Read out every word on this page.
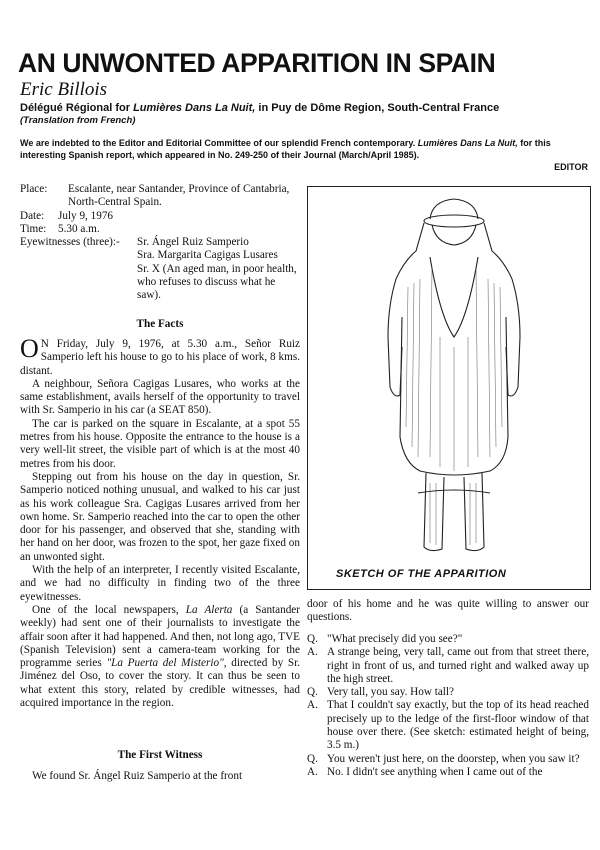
AN UNWONTED APPARITION IN SPAIN
Eric Billois
Délégué Régional for Lumières Dans La Nuit, in Puy de Dôme Region, South-Central France
(Translation from French)

We are indebted to the Editor and Editorial Committee of our splendid French contemporary. Lumières Dans La Nuit, for this interesting Spanish report, which appeared in No. 249-250 of their Journal (March/April 1985).

EDITOR
Place:	Escalante, near Santander, Province of Cantabria, North-Central Spain.
Date:	July 9, 1976
Time:	5.30 a.m.
Eyewitnesses (three):-	Sr. Ángel Ruiz Samperio
Sra. Margarita Cagigas Lusares
Sr. X (An aged man, in poor health, who refuses to discuss what he saw).
The Facts

O N Friday, July 9, 1976, at 5.30 a.m., Señor Ruiz Samperio left his house to go to his place of work, 8 kms. distant.

A neighbour, Señora Cagigas Lusares, who works at the same establishment, avails herself of the opportunity to travel with Sr. Samperio in his car (a SEAT 850).

The car is parked on the square in Escalante, at a spot 55 metres from his house. Opposite the entrance to the house is a very well-lit street, the visible part of which is at the most 40 metres from his door.

Stepping out from his house on the day in question, Sr. Samperio noticed nothing unusual, and walked to his car just as his work colleague Sra. Cagigas Lusares arrived from her own home. Sr. Samperio reached into the car to open the other door for his passenger, and observed that she, standing with her hand on her door, was frozen to the spot, her gaze fixed on an unwonted sight.

With the help of an interpreter, I recently visited Escalante, and we had no difficulty in finding two of the three eyewitnesses.

One of the local newspapers, La Alerta (a Santander weekly) had sent one of their journalists to investigate the affair soon after it had happened. And then, not long ago, TVE (Spanish Television) sent a camera-team working for the programme series "La Puerta del Misterio", directed by Sr. Jiménez del Oso, to cover the story. It can thus be seen to what extent this story, related by credible witnesses, had acquired importance in the region.

The First Witness

We found Sr. Ángel Ruiz Samperio at the front

SKETCH OF THE APPARITION

door of his home and he was quite willing to answer our questions.

Q. "What precisely did you see?"
A. A strange being, very tall, came out from that street there, right in front of us, and turned right and walked away up the high street.
Q. Very tall, you say. How tall?
A. That I couldn't say exactly, but the top of its head reached precisely up to the ledge of the first-floor window of that house over there. (See sketch: estimated height of being, 3.5 m.)
Q. You weren't just here, on the doorstep, when you saw it?
A. No. I didn't see anything when I came out of the
